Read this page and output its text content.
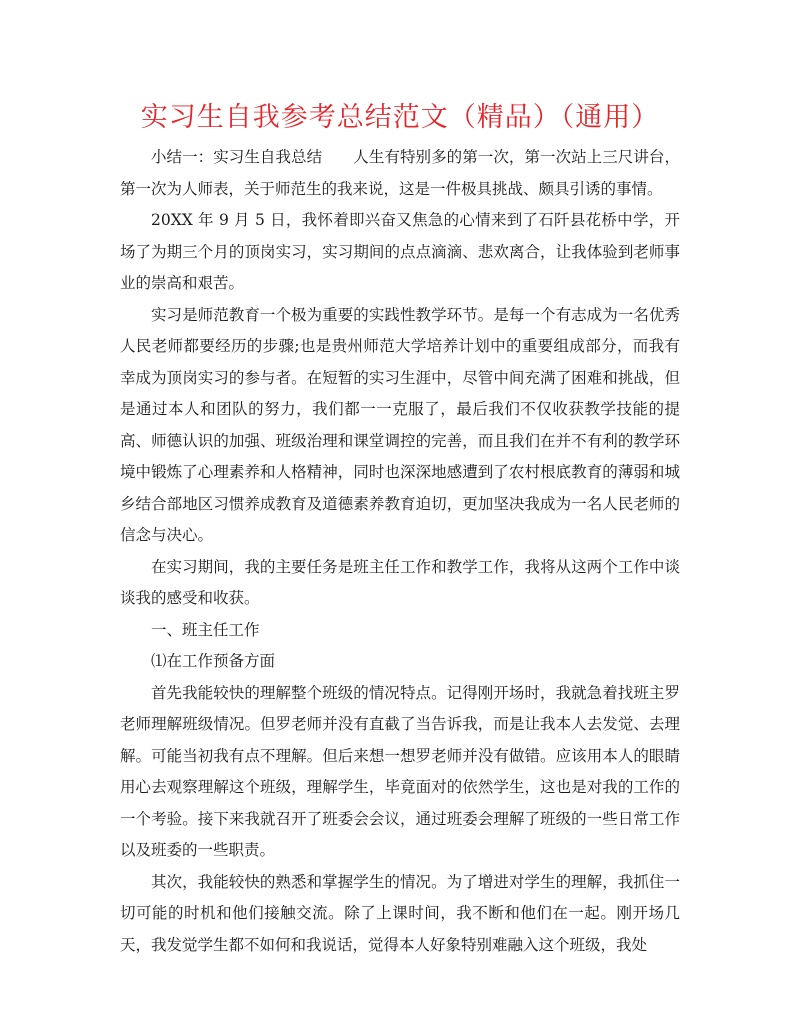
实习生自我参考总结范文（精品）（通用）

小结一：实习生自我总结　　人生有特别多的第一次，第一次站上三尺讲台，第一次为人师表，关于师范生的我来说，这是一件极具挑战、颇具引诱的事情。

20XX 年 9 月 5 日，我怀着即兴奋又焦急的心情来到了石阡县花桥中学，开场了为期三个月的顶岗实习，实习期间的点点滴滴、悲欢离合，让我体验到老师事业的崇高和艰苦。

实习是师范教育一个极为重要的实践性教学环节。是每一个有志成为一名优秀人民老师都要经历的步骤;也是贵州师范大学培养计划中的重要组成部分，而我有幸成为顶岗实习的参与者。在短暂的实习生涯中，尽管中间充满了困难和挑战，但是通过本人和团队的努力，我们都一一克服了，最后我们不仅收获教学技能的提高、师德认识的加强、班级治理和课堂调控的完善，而且我们在并不有利的教学环境中锻炼了心理素养和人格精神，同时也深深地感遭到了农村根底教育的薄弱和城乡结合部地区习惯养成教育及道德素养教育迫切，更加坚决我成为一名人民老师的信念与决心。

在实习期间，我的主要任务是班主任工作和教学工作，我将从这两个工作中谈谈我的感受和收获。

一、班主任工作

⑴在工作预备方面

首先我能较快的理解整个班级的情况特点。记得刚开场时，我就急着找班主罗老师理解班级情况。但罗老师并没有直截了当告诉我，而是让我本人去发觉、去理解。可能当初我有点不理解。但后来想一想罗老师并没有做错。应该用本人的眼睛用心去观察理解这个班级，理解学生，毕竟面对的依然学生，这也是对我的工作的一个考验。接下来我就召开了班委会会议，通过班委会理解了班级的一些日常工作以及班委的一些职责。

其次，我能较快的熟悉和掌握学生的情况。为了增进对学生的理解，我抓住一切可能的时机和他们接触交流。除了上课时间，我不断和他们在一起。刚开场几天，我发觉学生都不如何和我说话，觉得本人好象特别难融入这个班级，我处
